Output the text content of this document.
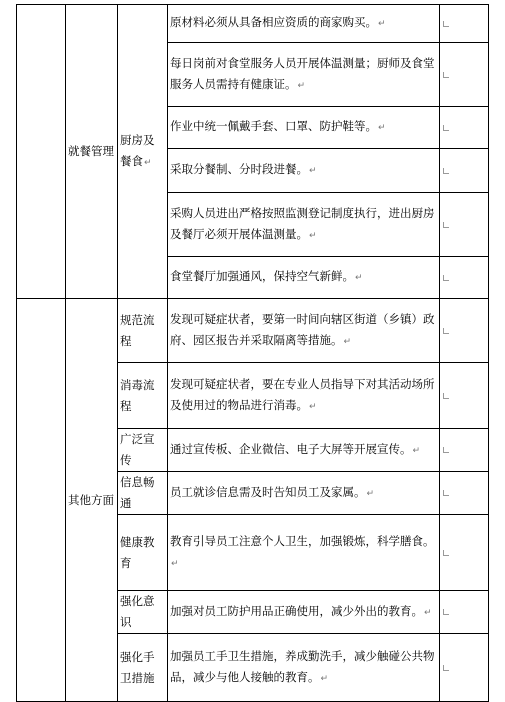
	就餐管理	厨房及餐食↵	原材料必须从具备相应资质的商家购买。↵	

			每日岗前对食堂服务人员开展体温测量；厨师及食堂服务人员需持有健康证。↵	

			作业中统一佩戴手套、口罩、防护鞋等。↵	

			采取分餐制、分时段进餐。↵	

			采购人员进出严格按照监测登记制度执行，进出厨房及餐厅必须开展体温测量。↵	

			食堂餐厅加强通风，保持空气新鲜。↵	

	其他方面	规范流程	发现可疑症状者，要第一时间向辖区街道（乡镇）政府、园区报告并采取隔离等措施。↵	

		消毒流程	发现可疑症状者，要在专业人员指导下对其活动场所及使用过的物品进行消毒。↵	

		广泛宣传	通过宣传板、企业微信、电子大屏等开展宣传。↵	

		信息畅通	员工就诊信息需及时告知员工及家属。↵	

		健康教育	教育引导员工注意个人卫生，加强锻炼，科学膳食。↵	

		强化意识	加强对员工防护用品正确使用，减少外出的教育。↵	

		强化手卫措施	加强员工手卫生措施，养成勤洗手，减少触碰公共物品，减少与他人接触的教育。↵	
